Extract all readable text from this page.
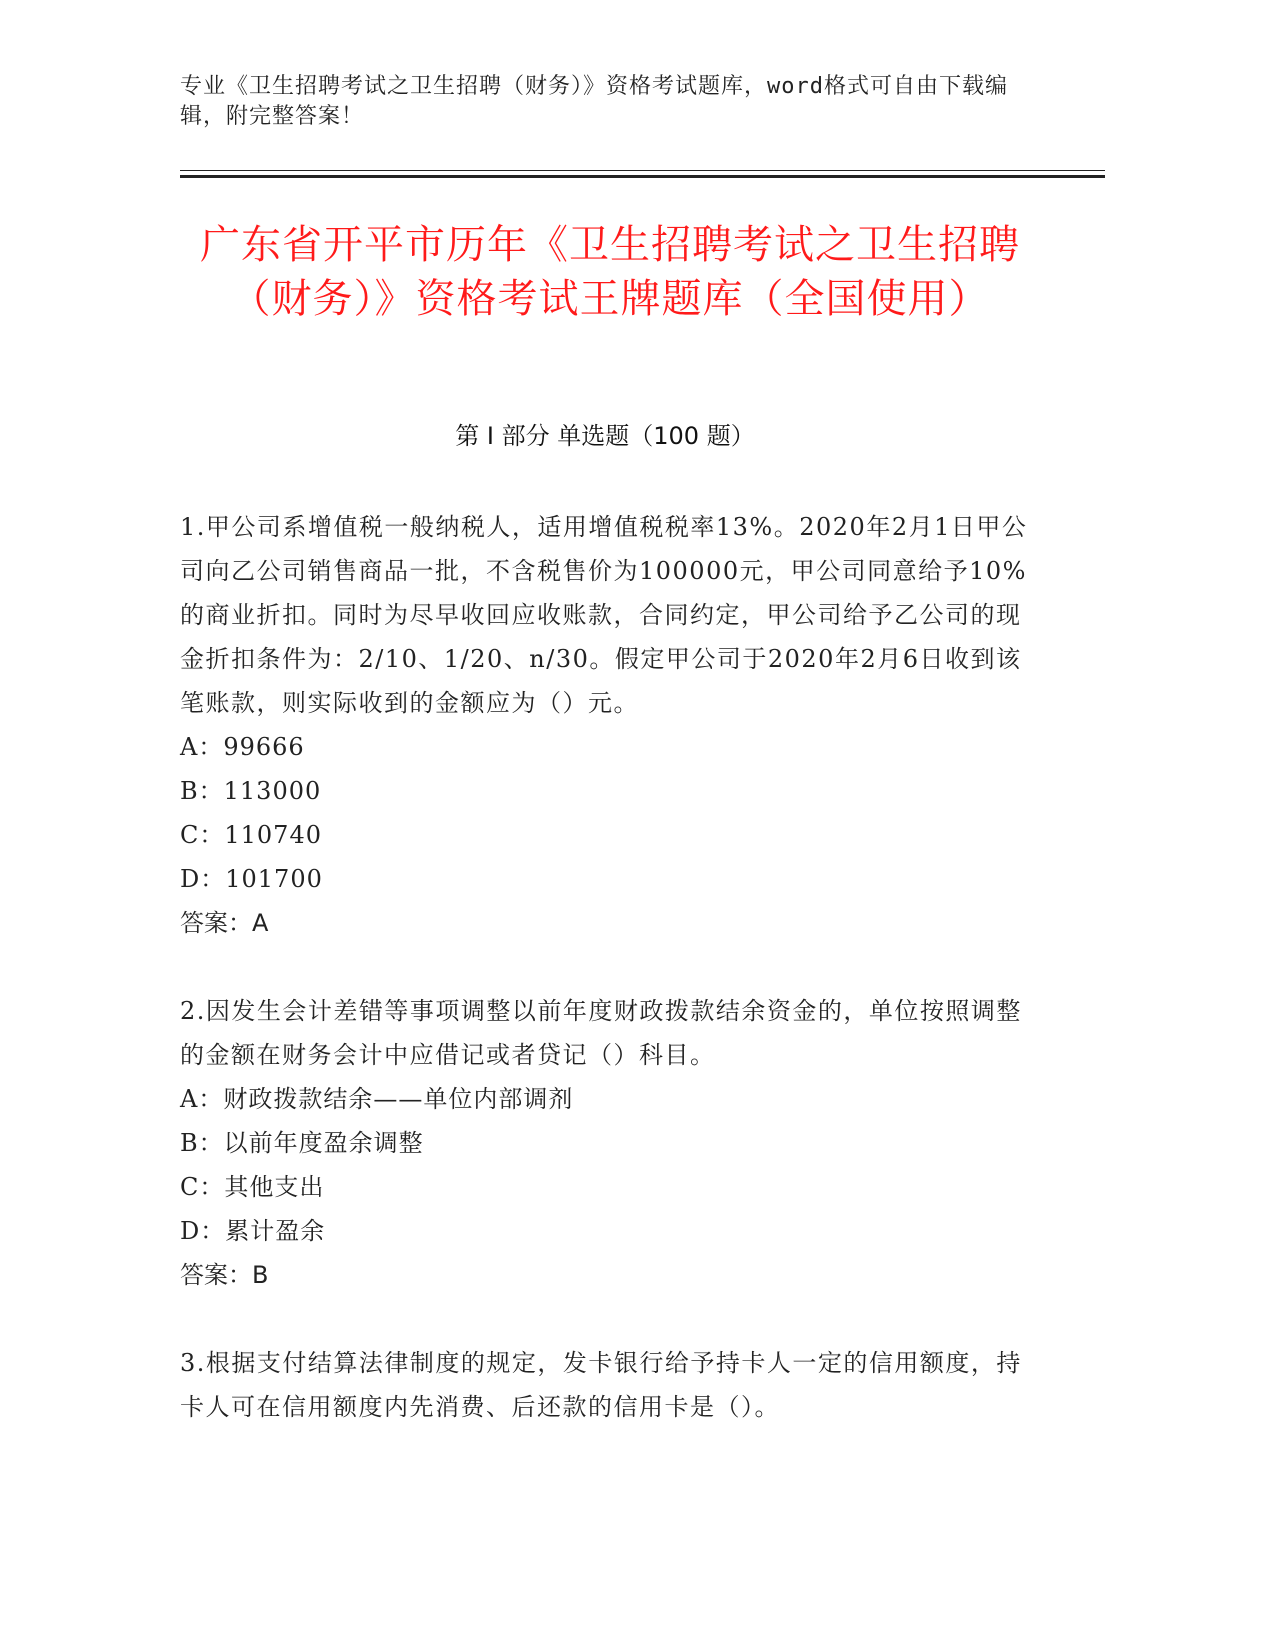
专业《卫生招聘考试之卫生招聘（财务）》资格考试题库，word格式可自由下载编辑，附完整答案！
广东省开平市历年《卫生招聘考试之卫生招聘（财务）》资格考试王牌题库（全国使用）
第 I 部分 单选题（100 题）

1.甲公司系增值税一般纳税人，适用增值税税率13%。2020年2月1日甲公司向乙公司销售商品一批，不含税售价为100000元，甲公司同意给予10%的商业折扣。同时为尽早收回应收账款，合同约定，甲公司给予乙公司的现金折扣条件为：2/10、1/20、n/30。假定甲公司于2020年2月6日收到该笔账款，则实际收到的金额应为（）元。

A：99666

B：113000

C：110740

D：101700

答案：A

2.因发生会计差错等事项调整以前年度财政拨款结余资金的，单位按照调整的金额在财务会计中应借记或者贷记（）科目。

A：财政拨款结余——单位内部调剂

B：以前年度盈余调整

C：其他支出

D：累计盈余

答案：B

3.根据支付结算法律制度的规定，发卡银行给予持卡人一定的信用额度，持卡人可在信用额度内先消费、后还款的信用卡是（）。
